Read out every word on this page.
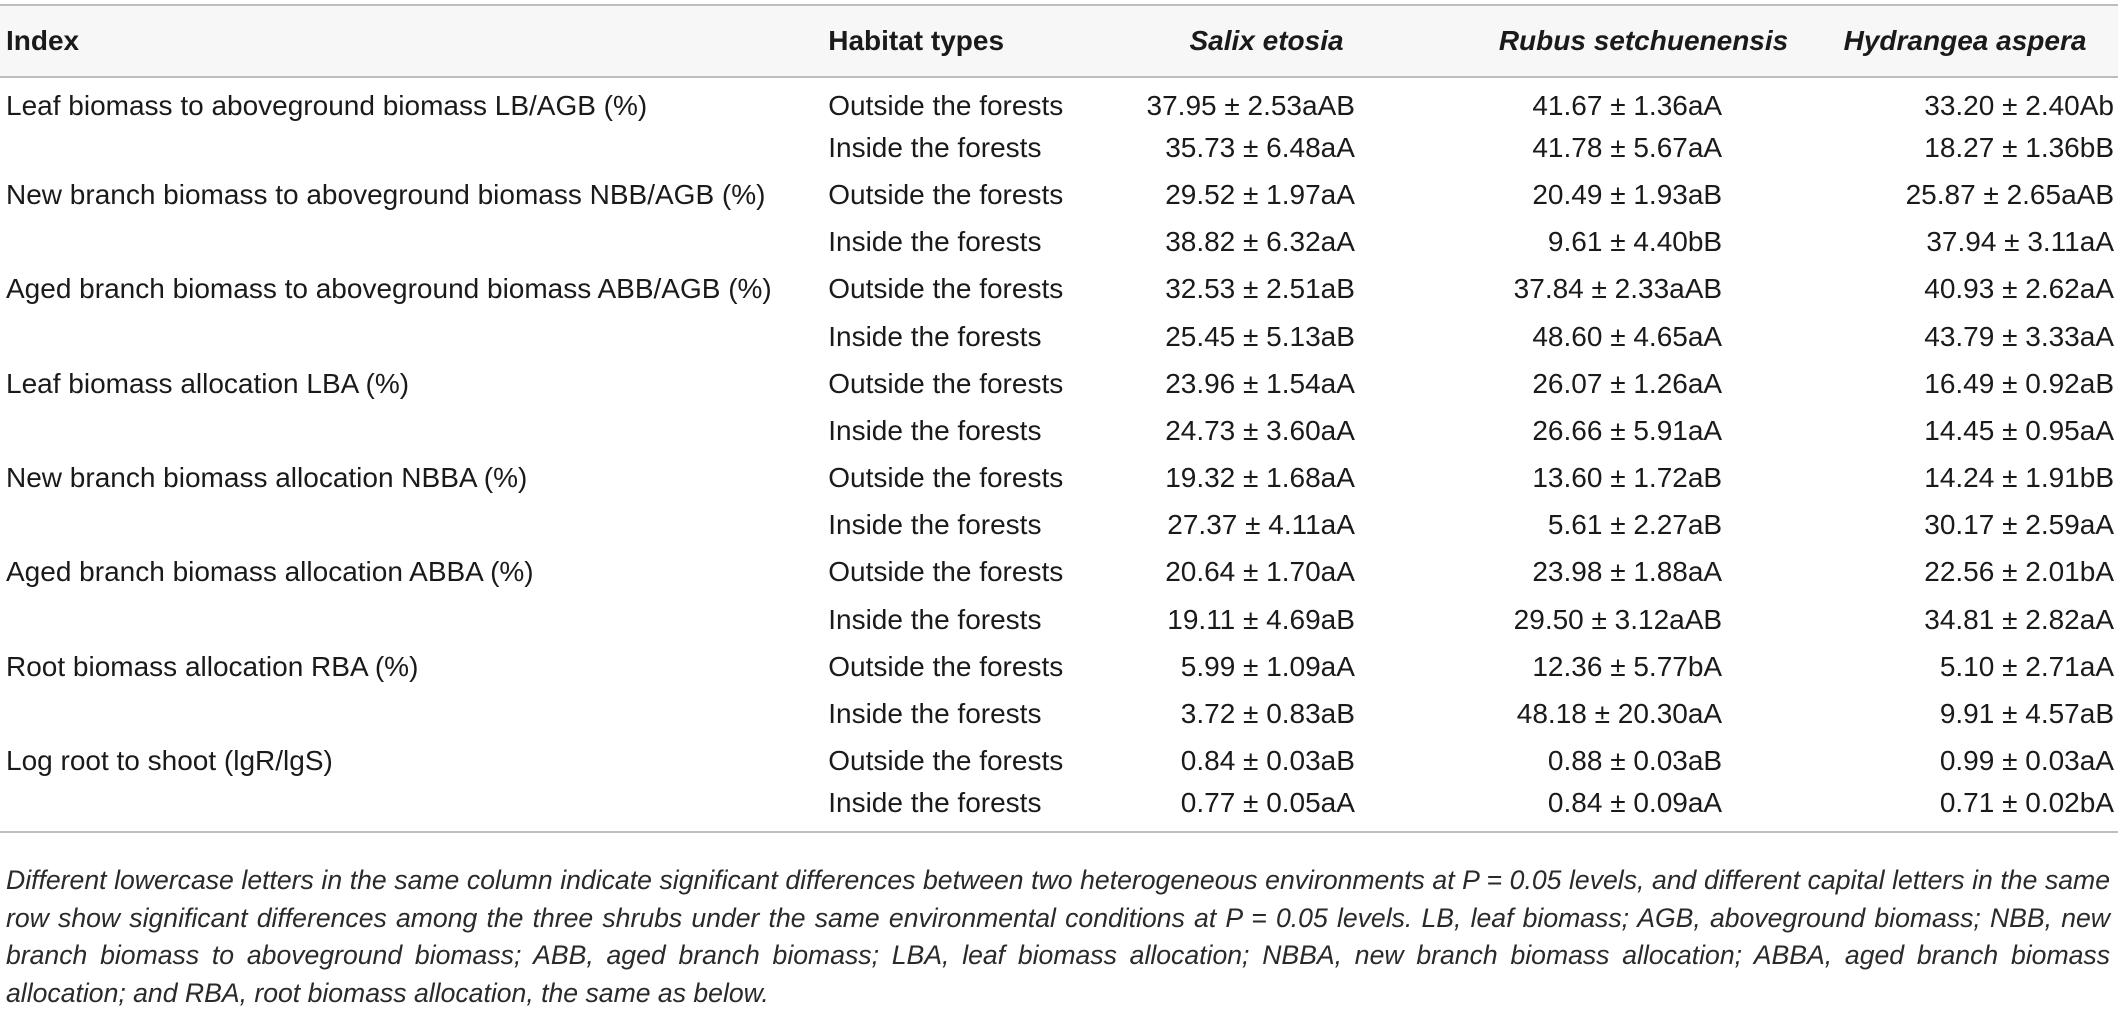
Index	Habitat types	Salix etosia	Rubus setchuenensis	Hydrangea aspera
Leaf biomass to aboveground biomass LB/AGB (%)	Outside the forests	37.95 ± 2.53aAB	41.67 ± 1.36aA	33.20 ± 2.40Ab
	Inside the forests	35.73 ± 6.48aA	41.78 ± 5.67aA	18.27 ± 1.36bB
New branch biomass to aboveground biomass NBB/AGB (%)	Outside the forests	29.52 ± 1.97aA	20.49 ± 1.93aB	25.87 ± 2.65aAB
	Inside the forests	38.82 ± 6.32aA	9.61 ± 4.40bB	37.94 ± 3.11aA
Aged branch biomass to aboveground biomass ABB/AGB (%)	Outside the forests	32.53 ± 2.51aB	37.84 ± 2.33aAB	40.93 ± 2.62aA
	Inside the forests	25.45 ± 5.13aB	48.60 ± 4.65aA	43.79 ± 3.33aA
Leaf biomass allocation LBA (%)	Outside the forests	23.96 ± 1.54aA	26.07 ± 1.26aA	16.49 ± 0.92aB
	Inside the forests	24.73 ± 3.60aA	26.66 ± 5.91aA	14.45 ± 0.95aA
New branch biomass allocation NBBA (%)	Outside the forests	19.32 ± 1.68aA	13.60 ± 1.72aB	14.24 ± 1.91bB
	Inside the forests	27.37 ± 4.11aA	5.61 ± 2.27aB	30.17 ± 2.59aA
Aged branch biomass allocation ABBA (%)	Outside the forests	20.64 ± 1.70aA	23.98 ± 1.88aA	22.56 ± 2.01bA
	Inside the forests	19.11 ± 4.69aB	29.50 ± 3.12aAB	34.81 ± 2.82aA
Root biomass allocation RBA (%)	Outside the forests	5.99 ± 1.09aA	12.36 ± 5.77bA	5.10 ± 2.71aA
	Inside the forests	3.72 ± 0.83aB	48.18 ± 20.30aA	9.91 ± 4.57aB
Log root to shoot (lgR/lgS)	Outside the forests	0.84 ± 0.03aB	0.88 ± 0.03aB	0.99 ± 0.03aA
	Inside the forests	0.77 ± 0.05aA	0.84 ± 0.09aA	0.71 ± 0.02bA
Different lowercase letters in the same column indicate significant differences between two heterogeneous environments at P = 0.05 levels, and different capital letters in the same row show significant differences among the three shrubs under the same environmental conditions at P = 0.05 levels. LB, leaf biomass; AGB, aboveground biomass; NBB, new branch biomass to aboveground biomass; ABB, aged branch biomass; LBA, leaf biomass allocation; NBBA, new branch biomass allocation; ABBA, aged branch biomass allocation; and RBA, root biomass allocation, the same as below.
